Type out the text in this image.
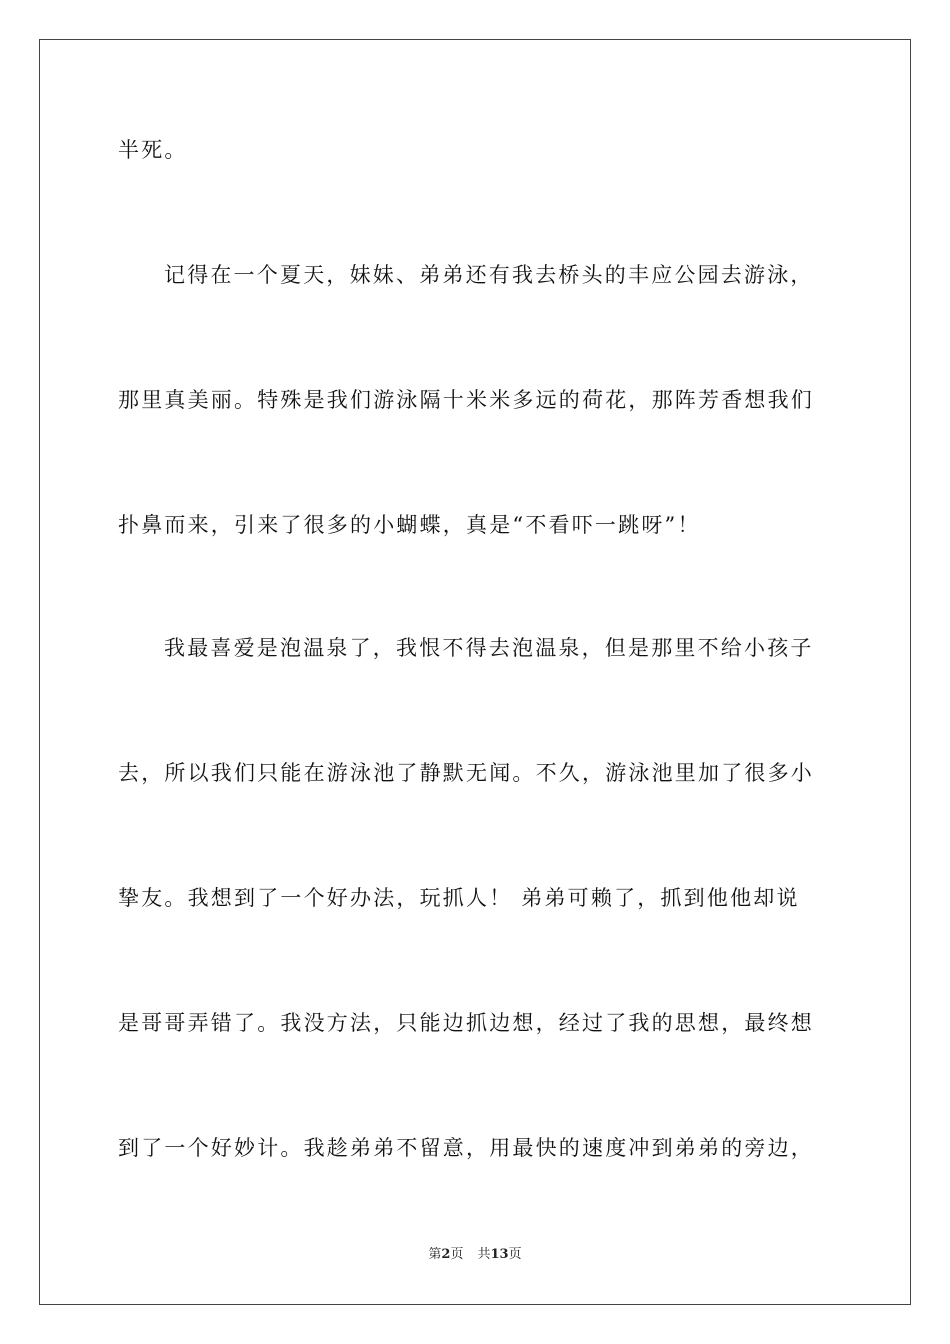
半死。
记得在一个夏天，妹妹、弟弟还有我去桥头的丰应公园去游泳，
那里真美丽。特殊是我们游泳隔十米米多远的荷花，那阵芳香想我们
扑鼻而来，引来了很多的小蝴蝶，真是“不看吓一跳呀”！
我最喜爱是泡温泉了，我恨不得去泡温泉，但是那里不给小孩子
去，所以我们只能在游泳池了静默无闻。不久，游泳池里加了很多小
挚友。我想到了一个好办法，玩抓人！ 弟弟可赖了，抓到他他却说
是哥哥弄错了。我没方法，只能边抓边想，经过了我的思想，最终想
到了一个好妙计。我趁弟弟不留意，用最快的速度冲到弟弟的旁边，
第2页 共13页
